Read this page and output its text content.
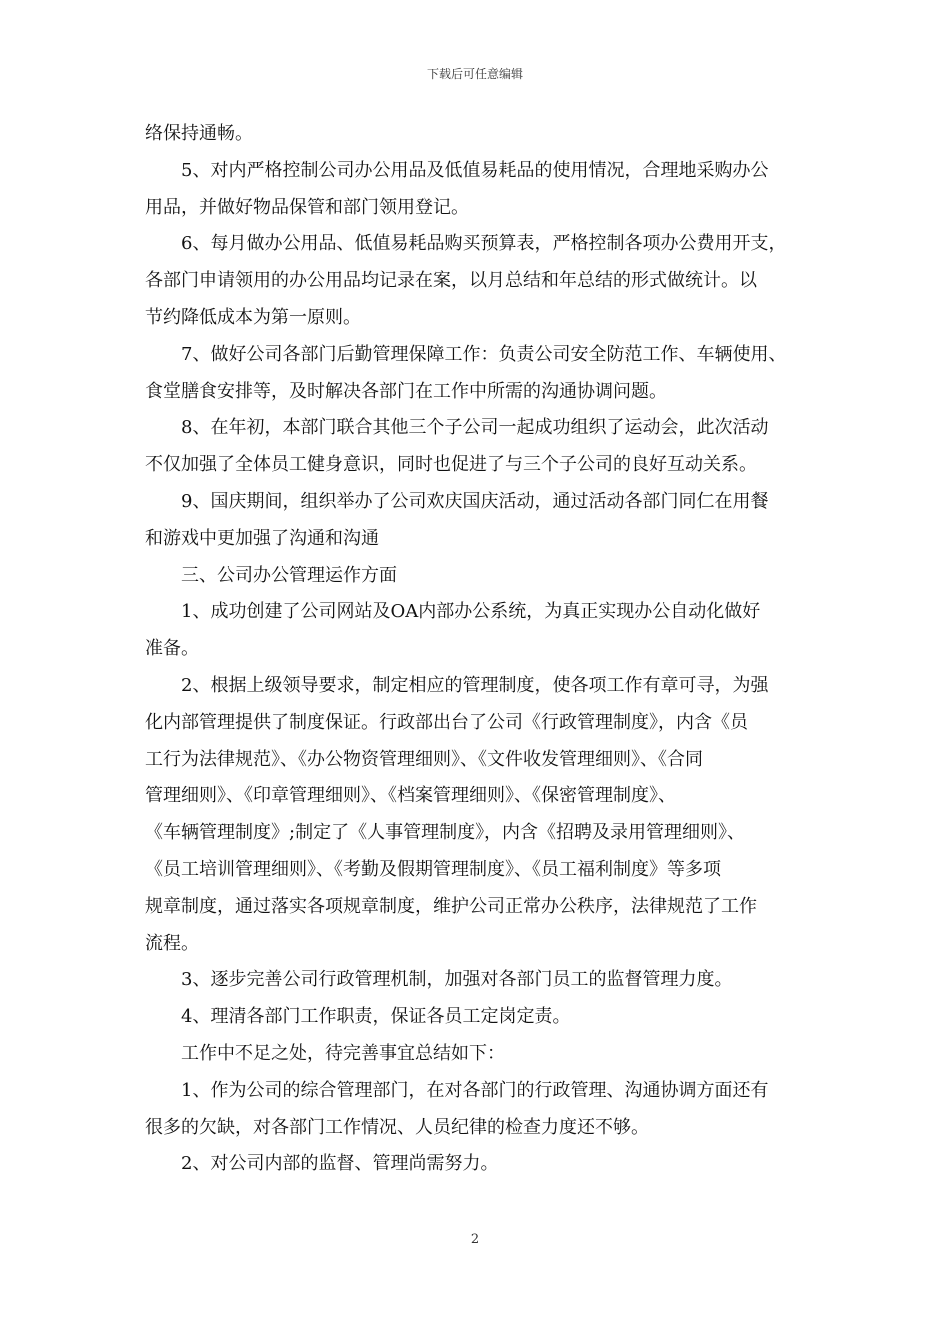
下载后可任意编辑

络保持通畅。

　　5、对内严格控制公司办公用品及低值易耗品的使用情况，合理地采购办公

用品，并做好物品保管和部门领用登记。

　　6、每月做办公用品、低值易耗品购买预算表，严格控制各项办公费用开支，

各部门申请领用的办公用品均记录在案，以月总结和年总结的形式做统计。以

节约降低成本为第一原则。

　　7、做好公司各部门后勤管理保障工作：负责公司安全防范工作、车辆使用、

食堂膳食安排等，及时解决各部门在工作中所需的沟通协调问题。

　　8、在年初，本部门联合其他三个子公司一起成功组织了运动会，此次活动

不仅加强了全体员工健身意识，同时也促进了与三个子公司的良好互动关系。

　　9、国庆期间，组织举办了公司欢庆国庆活动，通过活动各部门同仁在用餐

和游戏中更加强了沟通和沟通

　　三、公司办公管理运作方面

　　1、成功创建了公司网站及OA内部办公系统，为真正实现办公自动化做好

准备。

　　2、根据上级领导要求，制定相应的管理制度，使各项工作有章可寻，为强

化内部管理提供了制度保证。行政部出台了公司《行政管理制度》，内含《员

工行为法律规范》、《办公物资管理细则》、《文件收发管理细则》、《合同

管理细则》、《印章管理细则》、《档案管理细则》、《保密管理制度》、

《车辆管理制度》;制定了《人事管理制度》，内含《招聘及录用管理细则》、

《员工培训管理细则》、《考勤及假期管理制度》、《员工福利制度》等多项

规章制度，通过落实各项规章制度，维护公司正常办公秩序，法律规范了工作

流程。

　　3、逐步完善公司行政管理机制，加强对各部门员工的监督管理力度。

　　4、理清各部门工作职责，保证各员工定岗定责。

　　工作中不足之处，待完善事宜总结如下：

　　1、作为公司的综合管理部门，在对各部门的行政管理、沟通协调方面还有

很多的欠缺，对各部门工作情况、人员纪律的检查力度还不够。

　　2、对公司内部的监督、管理尚需努力。

2
